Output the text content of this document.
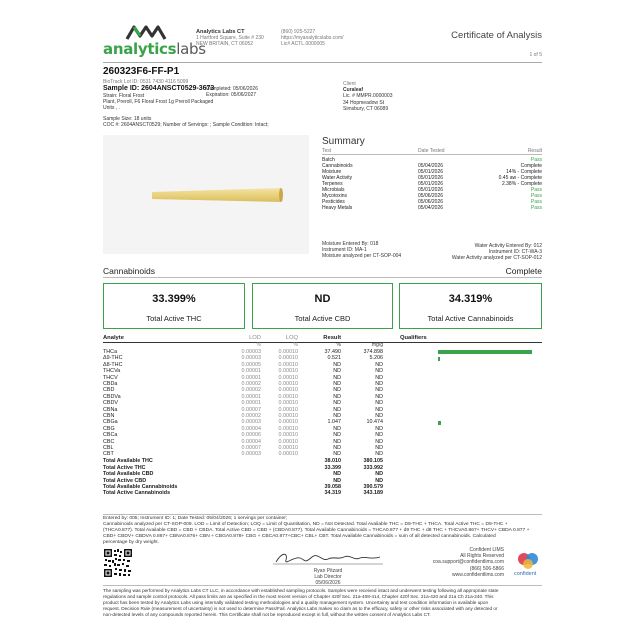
analyticslabs
Analytics Labs CT
1 Hartford Square, Suite # 230
NEW BRITAIN, CT 06052
(860) 925-5227
https://myanalyticslabs.com/
Lic# ACTL.0000005
Certificate of Analysis
1 of 5
260323F6-FF-P1
BioTrack Lot ID: 0531 7430 4116 5099
Sample ID: 2604ANSCT0529-3673
Completed: 05/06/2026
Expiration: 05/06/2027
Strain: Floral Frost
Plant, Preroll, F6 Floral Frost 1g Preroll Packaged
Units , .
Sample Size: 18 units
COC #: 2604ANSCT0529; Number of Servings: ; Sample Condition: Intact;
Client
Curaleaf
Lic. # MMPR.0000003
34 Hopmeadow St
Simsbury, CT 06089
Summary
Test	Date Tested	Result
Batch	Pass
Cannabinoids	05/04/2026	Complete
Moisture	05/01/2026	14% - Complete
Water Activity	05/01/2026	0.45 aw - Complete
Terpenes	05/01/2026	2.38% - Complete
Microbials	05/01/2026	Pass
Mycotoxins	05/06/2026	Pass
Pesticides	05/06/2026	Pass
Heavy Metals	05/04/2026	Pass
Moisture Entered By: 018
Instrument ID: MA-1
Moisture analyzed per CT-SOP-004
Water Activity Entered By: 012
Instrument ID: CT-WA-3
Water Activity analyzed per CT-SOP-012
Cannabinoids	Complete
33.399%
Total Active THC
ND
Total Active CBD
34.319%
Total Active Cannabinoids
Analyte	LOD	LOQ	Result	Qualifiers
%	%	%	mg/g
THCa	0.00003	0.00010	37.490	374.898
Δ9-THC	0.00003	0.00010	0.521	5.206
Δ8-THC	0.00005	0.00010	ND	ND
THCVa	0.00001	0.00010	ND	ND
THCV	0.00001	0.00010	ND	ND
CBDa	0.00002	0.00010	ND	ND
CBD	0.00002	0.00010	ND	ND
CBDVa	0.00001	0.00010	ND	ND
CBDV	0.00001	0.00010	ND	ND
CBNa	0.00007	0.00010	ND	ND
CBN	0.00002	0.00010	ND	ND
CBGa	0.00003	0.00010	1.047	10.474
CBG	0.00004	0.00010	ND	ND
CBCa	0.00006	0.00010	ND	ND
CBC	0.00004	0.00010	ND	ND
CBL	0.00007	0.00010	ND	ND
CBT	0.00003	0.00010	ND	ND
Total Available THC	38.010	380.105
Total Active THC	33.399	333.992
Total Available CBD	ND	ND
Total Active CBD	ND	ND
Total Available Cannabinoids	39.058	390.579
Total Active Cannabinoids	34.319	343.189
Entered by: 005; Instrument ID: 1; Date Tested: 05/04/2026; 1 servings per container;
Cannabinoids analyzed per CT-SOP-009. LOD = Limit of Detection; LOQ = Limit of Quantitation, ND = Not Detected. Total Available THC = D9-THC + THCA. Total Active THC = D9-THC +
(THCA0.877). Total Available CBD = CBD + CBDA. Total Active CBD = CBD + (CBDA0.877). Total Available Cannabinoids = THCA0.877 + d9 THC + d8 THC + THCVA0.867+ THCV+ CBDA 0.877 +
CBD+ CBDV+ CBDVA 0.867+ CBNA0.876+ CBN + CBGA0.878+ CBG + CBCA0.877+CBC+ CBL+ CBT. Total Available Cannabinoids = sum of all detected cannabinoids. Calculated
percentage by dry weight.
Ryan Pitzard
Lab Director
05/06/2026
Confident LIMS
All Rights Reserved
coa.support@confidentlims.com
(866) 506-5866
www.confidentlims.com confident
The sampling was performed by Analytics Labs CT LLC, in accordance with established sampling protocols. Samples were received intact and underwent testing following all appropriate state
regulations and sample control protocols. All pass limits are as specified in the most recent version of Chapter 420f Sec. 21a-408-414, Chapter 420f Sec. 21a-420 and 21a Ch 21a-240. This
product has been tested by Analytics Labs using internally validated testing methodologies and a quality management system. Uncertainty and test condition information is available upon
request. Decision Rule (measurement of uncertainty) is not used to determine Pass/Fail. Analytics Labs makes no claim as to the efficacy, safety or other risks associated with any detected or
non-detected levels of any compounds reported herein. This Certificate shall not be reproduced except in full, without the written consent of Analytics Labs CT.
